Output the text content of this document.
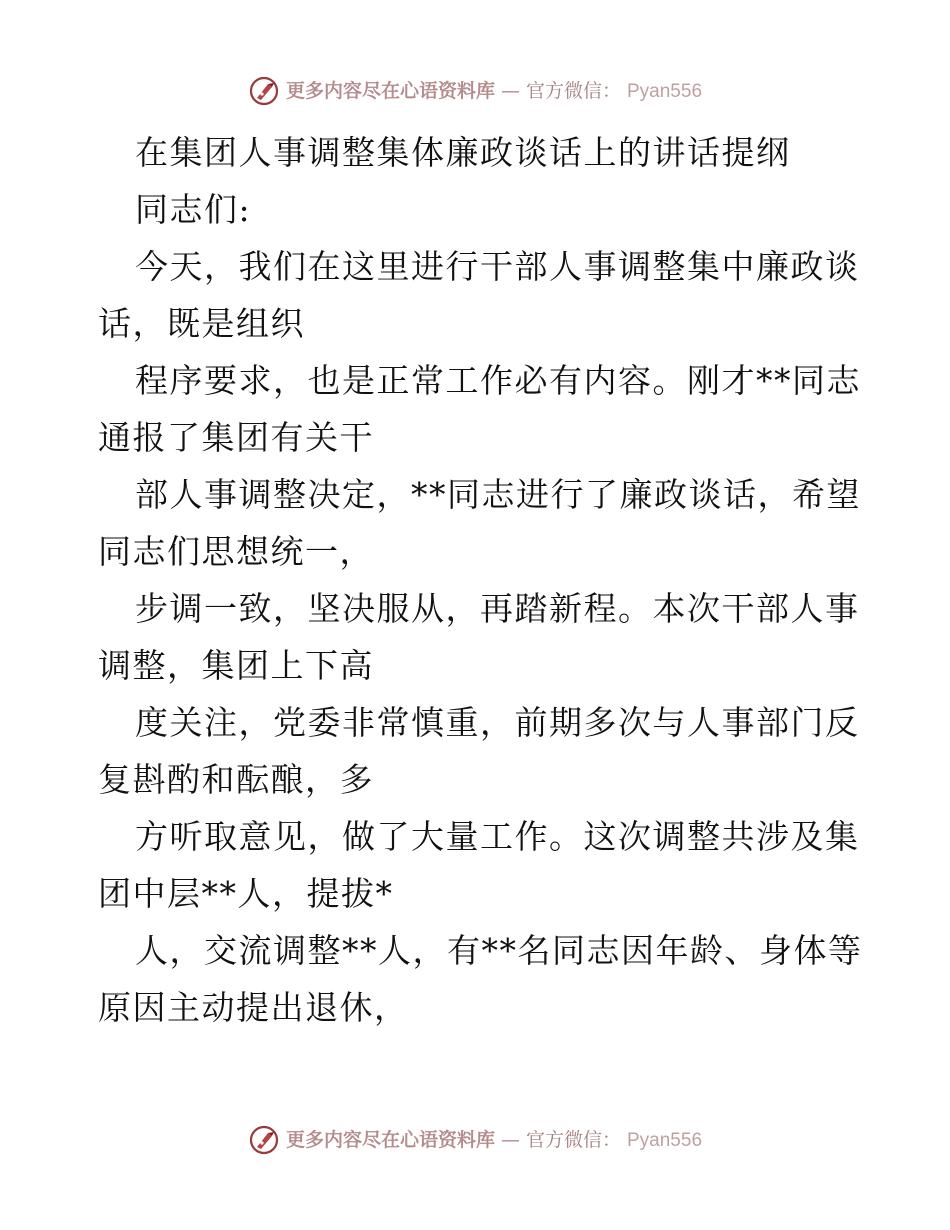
更多内容尽在心语资料库 — 官方微信： Pyan556
在集团人事调整集体廉政谈话上的讲话提纲
同志们:
今天，我们在这里进行干部人事调整集中廉政谈
话，既是组织
程序要求，也是正常工作必有内容。刚才**同志
通报了集团有关干
部人事调整决定，**同志进行了廉政谈话，希望
同志们思想统一，
步调一致，坚决服从，再踏新程。本次干部人事
调整，集团上下高
度关注，党委非常慎重，前期多次与人事部门反
复斟酌和酝酿，多
方听取意见，做了大量工作。这次调整共涉及集
团中层**人，提拔*
人，交流调整**人，有**名同志因年龄、身体等
原因主动提出退休，
更多内容尽在心语资料库 — 官方微信： Pyan556
